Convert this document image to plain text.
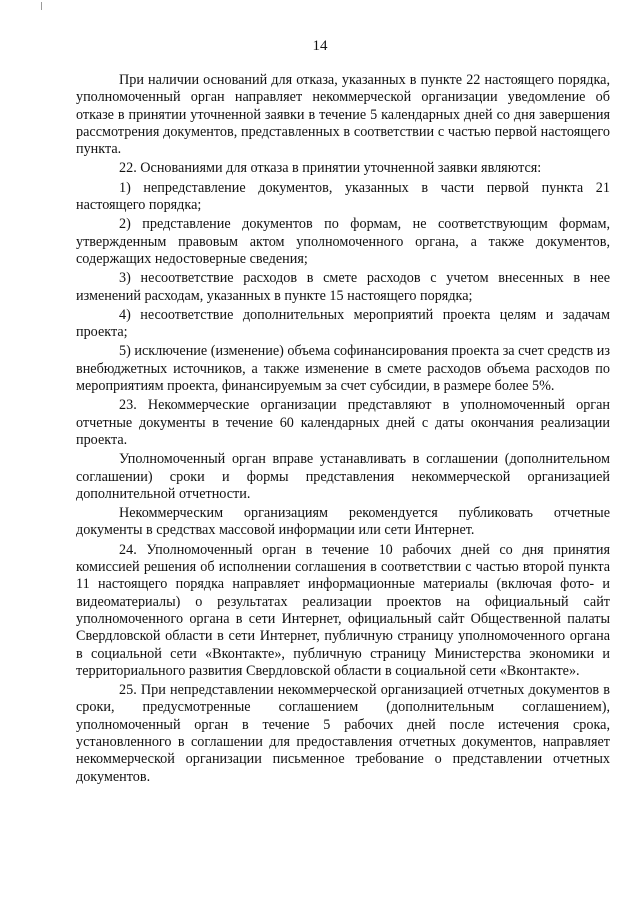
14

При наличии оснований для отказа, указанных в пункте 22 настоящего порядка, уполномоченный орган направляет некоммерческой организации уведомление об отказе в принятии уточненной заявки в течение 5 календарных дней со дня завершения рассмотрения документов, представленных в соответствии с частью первой настоящего пункта.

22. Основаниями для отказа в принятии уточненной заявки являются:

1) непредставление документов, указанных в части первой пункта 21 настоящего порядка;

2) представление документов по формам, не соответствующим формам, утвержденным правовым актом уполномоченного органа, а также документов, содержащих недостоверные сведения;

3) несоответствие расходов в смете расходов с учетом внесенных в нее изменений расходам, указанных в пункте 15 настоящего порядка;

4) несоответствие дополнительных мероприятий проекта целям и задачам проекта;

5) исключение (изменение) объема софинансирования проекта за счет средств из внебюджетных источников, а также изменение в смете расходов объема расходов по мероприятиям проекта, финансируемым за счет субсидии, в размере более 5%.

23. Некоммерческие организации представляют в уполномоченный орган отчетные документы в течение 60 календарных дней с даты окончания реализации проекта.

Уполномоченный орган вправе устанавливать в соглашении (дополнительном соглашении) сроки и формы представления некоммерческой организацией дополнительной отчетности.

Некоммерческим организациям рекомендуется публиковать отчетные документы в средствах массовой информации или сети Интернет.

24. Уполномоченный орган в течение 10 рабочих дней со дня принятия комиссией решения об исполнении соглашения в соответствии с частью второй пункта 11 настоящего порядка направляет информационные материалы (включая фото- и видеоматериалы) о результатах реализации проектов на официальный сайт уполномоченного органа в сети Интернет, официальный сайт Общественной палаты Свердловской области в сети Интернет, публичную страницу уполномоченного органа в социальной сети «Вконтакте», публичную страницу Министерства экономики и территориального развития Свердловской области в социальной сети «Вконтакте».

25. При непредставлении некоммерческой организацией отчетных документов в сроки, предусмотренные соглашением (дополнительным соглашением), уполномоченный орган в течение 5 рабочих дней после истечения срока, установленного в соглашении для предоставления отчетных документов, направляет некоммерческой организации письменное требование о представлении отчетных документов.
